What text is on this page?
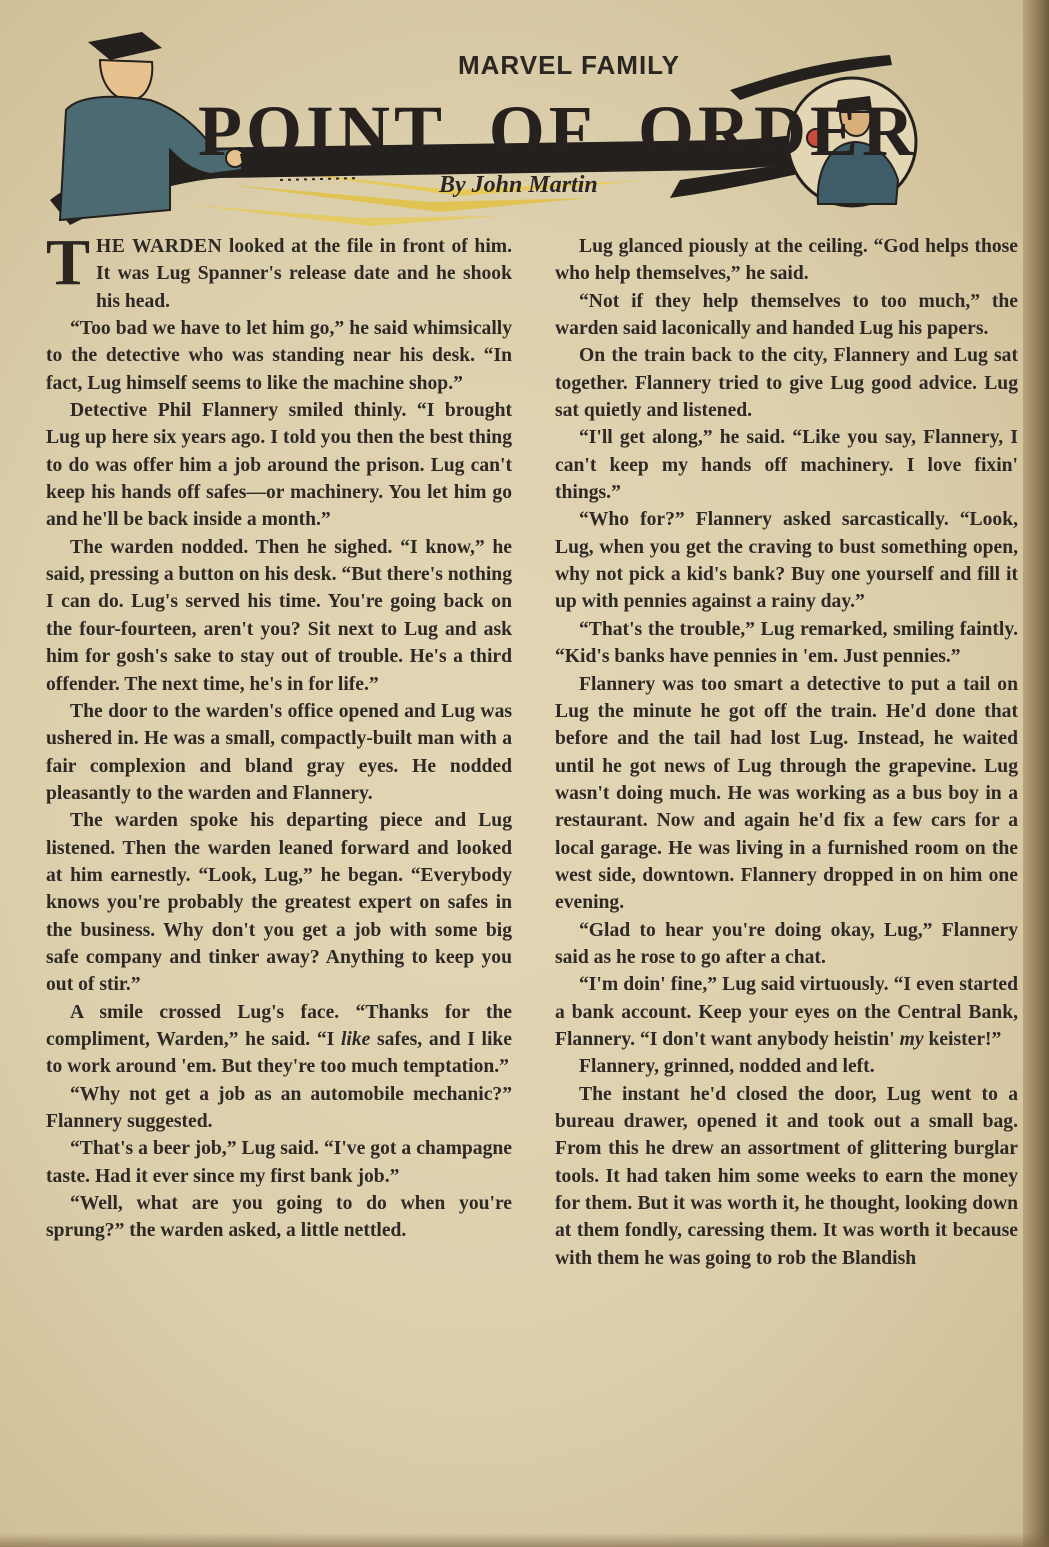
MARVEL FAMILY
POINT OF ORDER
By John Martin

THE WARDEN looked at the file in front of him. It was Lug Spanner's release date and he shook his head.

“Too bad we have to let him go,” he said whimsically to the detective who was standing near his desk. “In fact, Lug himself seems to like the machine shop.”

Detective Phil Flannery smiled thinly. “I brought Lug up here six years ago. I told you then the best thing to do was offer him a job around the prison. Lug can't keep his hands off safes—or machinery. You let him go and he'll be back inside a month.”

The warden nodded. Then he sighed. “I know,” he said, pressing a button on his desk. “But there's nothing I can do. Lug's served his time. You're going back on the four-fourteen, aren't you? Sit next to Lug and ask him for gosh's sake to stay out of trouble. He's a third offender. The next time, he's in for life.”

The door to the warden's office opened and Lug was ushered in. He was a small, compactly-built man with a fair complexion and bland gray eyes. He nodded pleasantly to the warden and Flannery.

The warden spoke his departing piece and Lug listened. Then the warden leaned forward and looked at him earnestly. “Look, Lug,” he began. “Everybody knows you're probably the greatest expert on safes in the business. Why don't you get a job with some big safe company and tinker away? Anything to keep you out of stir.”

A smile crossed Lug's face. “Thanks for the compliment, Warden,” he said. “I like safes, and I like to work around 'em. But they're too much temptation.”

“Why not get a job as an automobile mechanic?” Flannery suggested.

“That's a beer job,” Lug said. “I've got a champagne taste. Had it ever since my first bank job.”

“Well, what are you going to do when you're sprung?” the warden asked, a little nettled.

Lug glanced piously at the ceiling. “God helps those who help themselves,” he said.

“Not if they help themselves to too much,” the warden said laconically and handed Lug his papers.

On the train back to the city, Flannery and Lug sat together. Flannery tried to give Lug good advice. Lug sat quietly and listened.

“I'll get along,” he said. “Like you say, Flannery, I can't keep my hands off machinery. I love fixin' things.”

“Who for?” Flannery asked sarcastically. “Look, Lug, when you get the craving to bust something open, why not pick a kid's bank? Buy one yourself and fill it up with pennies against a rainy day.”

“That's the trouble,” Lug remarked, smiling faintly. “Kid's banks have pennies in 'em. Just pennies.”

Flannery was too smart a detective to put a tail on Lug the minute he got off the train. He'd done that before and the tail had lost Lug. Instead, he waited until he got news of Lug through the grapevine. Lug wasn't doing much. He was working as a bus boy in a restaurant. Now and again he'd fix a few cars for a local garage. He was living in a furnished room on the west side, downtown. Flannery dropped in on him one evening.

“Glad to hear you're doing okay, Lug,” Flannery said as he rose to go after a chat.

“I'm doin' fine,” Lug said virtuously. “I even started a bank account. Keep your eyes on the Central Bank, Flannery. “I don't want anybody heistin' my keister!”

Flannery, grinned, nodded and left.

The instant he'd closed the door, Lug went to a bureau drawer, opened it and took out a small bag. From this he drew an assortment of glittering burglar tools. It had taken him some weeks to earn the money for them. But it was worth it, he thought, looking down at them fondly, caressing them. It was worth it because with them he was going to rob the Blandish
